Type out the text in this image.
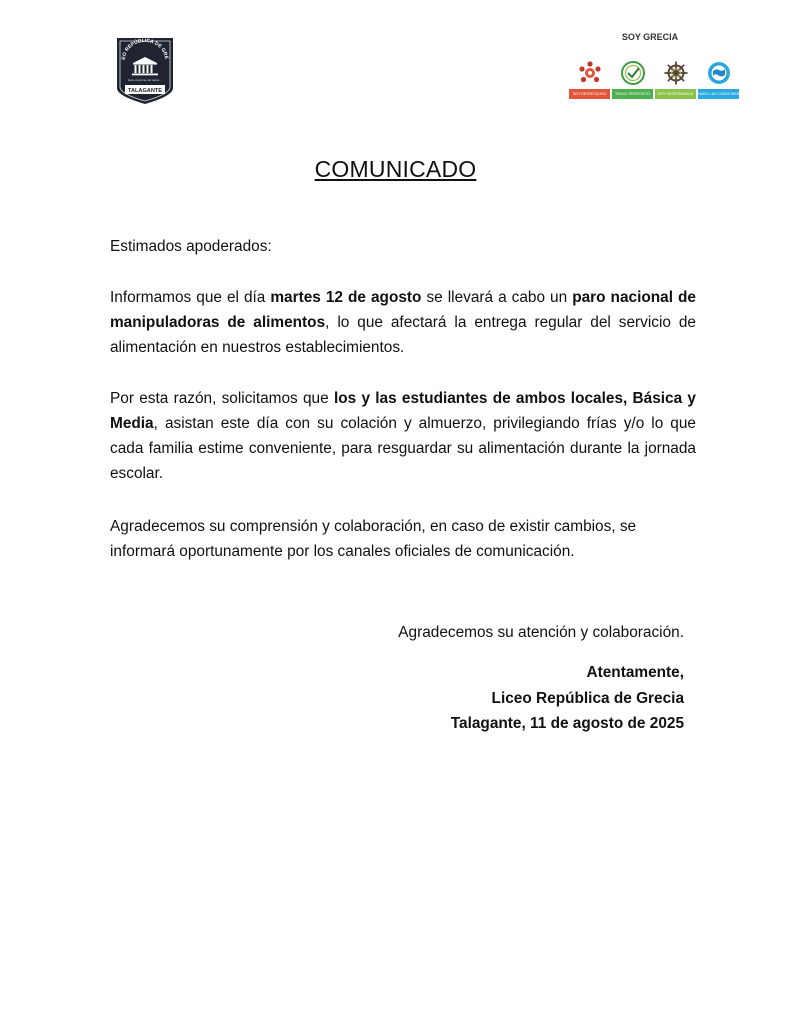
EO REPÚBLICA DE GRE
Esta columna del saber...
TALAGANTE
SOY GRECIA
SOY RESPETUOSO	TENGO PROPÓSITO	SOY RESPONSABLE	HAGO LAS COSAS BIEN
COMUNICADO
Estimados apoderados:
Informamos que el día martes 12 de agosto se llevará a cabo un paro nacional de manipuladoras de alimentos, lo que afectará la entrega regular del servicio de alimentación en nuestros establecimientos.
Por esta razón, solicitamos que los y las estudiantes de ambos locales, Básica y Media, asistan este día con su colación y almuerzo, privilegiando frías y/o lo que cada familia estime conveniente, para resguardar su alimentación durante la jornada escolar.
Agradecemos su comprensión y colaboración, en caso de existir cambios, se
informará oportunamente por los canales oficiales de comunicación.
Agradecemos su atención y colaboración.
Atentamente,
Liceo República de Grecia
Talagante, 11 de agosto de 2025
